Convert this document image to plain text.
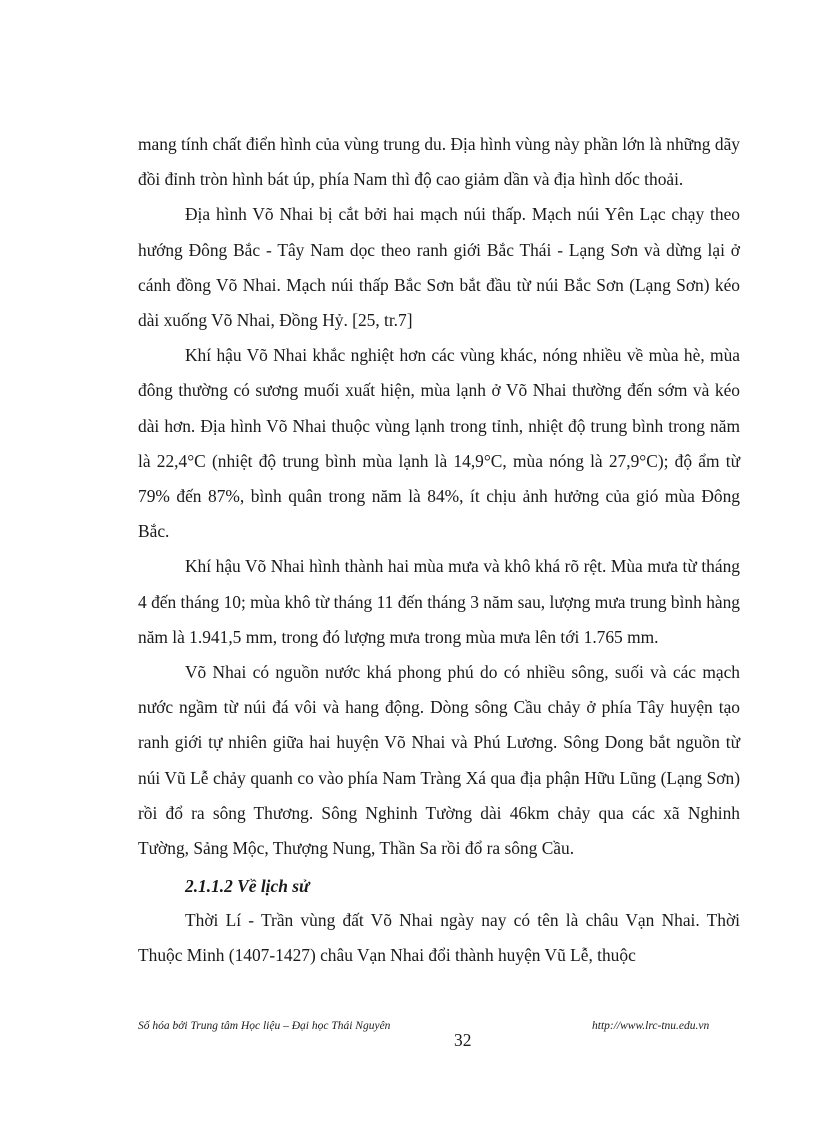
mang tính chất điển hình của vùng trung du. Địa hình vùng này phần lớn là những dãy đồi đỉnh tròn hình bát úp, phía Nam thì độ cao giảm dần và địa hình dốc thoải.

Địa hình Võ Nhai bị cắt bởi hai mạch núi thấp. Mạch núi Yên Lạc chạy theo hướng Đông Bắc - Tây Nam dọc theo ranh giới Bắc Thái - Lạng Sơn và dừng lại ở cánh đồng Võ Nhai. Mạch núi thấp Bắc Sơn bắt đầu từ núi Bắc Sơn (Lạng Sơn) kéo dài xuống Võ Nhai, Đồng Hỷ. [25, tr.7]

Khí hậu Võ Nhai khắc nghiệt hơn các vùng khác, nóng nhiều về mùa hè, mùa đông thường có sương muối xuất hiện, mùa lạnh ở Võ Nhai thường đến sớm và kéo dài hơn. Địa hình Võ Nhai thuộc vùng lạnh trong tỉnh, nhiệt độ trung bình trong năm là 22,4°C (nhiệt độ trung bình mùa lạnh là 14,9°C, mùa nóng là 27,9°C); độ ẩm từ 79% đến 87%, bình quân trong năm là 84%, ít chịu ảnh hưởng của gió mùa Đông Bắc.

Khí hậu Võ Nhai hình thành hai mùa mưa và khô khá rõ rệt. Mùa mưa từ tháng 4 đến tháng 10; mùa khô từ tháng 11 đến tháng 3 năm sau, lượng mưa trung bình hàng năm là 1.941,5 mm, trong đó lượng mưa trong mùa mưa lên tới 1.765 mm.

Võ Nhai có nguồn nước khá phong phú do có nhiều sông, suối và các mạch nước ngầm từ núi đá vôi và hang động. Dòng sông Cầu chảy ở phía Tây huyện tạo ranh giới tự nhiên giữa hai huyện Võ Nhai và Phú Lương. Sông Dong bắt nguồn từ núi Vũ Lễ chảy quanh co vào phía Nam Tràng Xá qua địa phận Hữu Lũng (Lạng Sơn) rồi đổ ra sông Thương. Sông Nghinh Tường dài 46km chảy qua các xã Nghinh Tường, Sảng Mộc, Thượng Nung, Thần Sa rồi đổ ra sông Cầu.

2.1.1.2 Về lịch sử

Thời Lí - Trần vùng đất Võ Nhai ngày nay có tên là châu Vạn Nhai. Thời Thuộc Minh (1407-1427) châu Vạn Nhai đổi thành huyện Vũ Lễ, thuộc

Số hóa bởi Trung tâm Học liệu – Đại học Thái Nguyên
32
http://www.lrc-tnu.edu.vn
